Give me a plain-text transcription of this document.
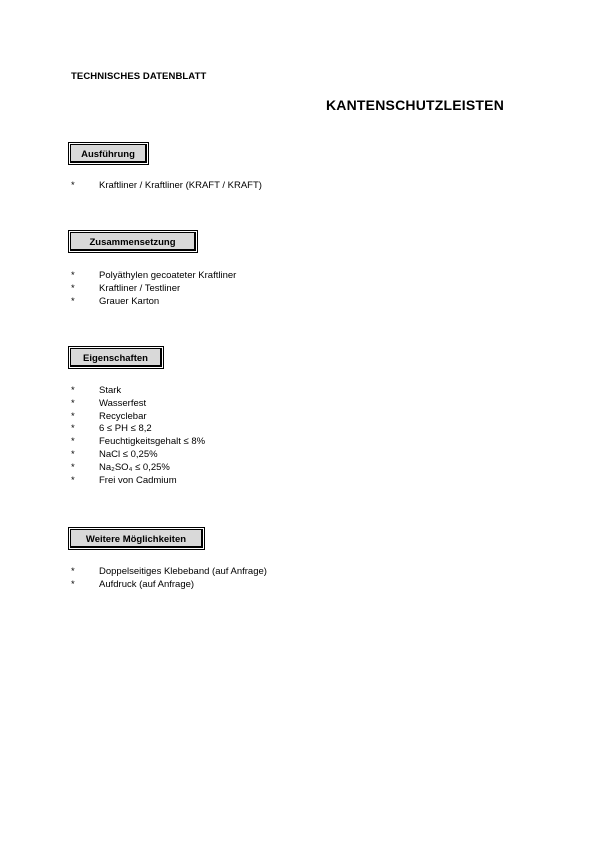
TECHNISCHES DATENBLATT
KANTENSCHUTZLEISTEN
Ausführung
*	Kraftliner / Kraftliner (KRAFT / KRAFT)
Zusammensetzung
*	Polyäthylen gecoateter Kraftliner
*	Kraftliner / Testliner
*	Grauer Karton
Eigenschaften
*	Stark
*	Wasserfest
*	Recyclebar
*	6 ≤ PH ≤ 8,2
*	Feuchtigkeitsgehalt ≤ 8%
*	NaCl ≤ 0,25%
*	Na₂SO₄ ≤ 0,25%
*	Frei von Cadmium
Weitere Möglichkeiten
*	Doppelseitiges Klebeband (auf Anfrage)
*	Aufdruck (auf Anfrage)
